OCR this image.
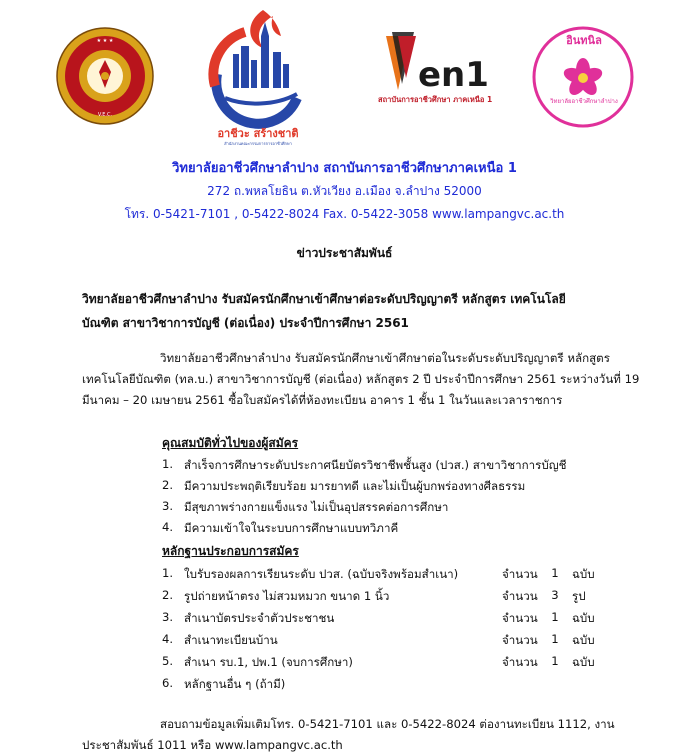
★ ★ ★
V.E.C.
อาชีวะ สร้างชาติ
สำนักงานคณะกรรมการการอาชีวศึกษา
en1
สถาบันการอาชีวศึกษา ภาคเหนือ 1
อินทนิล
วิทยาลัยอาชีวศึกษาลำปาง
วิทยาลัยอาชีวศึกษาลำปาง สถาบันการอาชีวศึกษาภาคเหนือ 1
272 ถ.พหลโยธิน ต.หัวเวียง อ.เมือง จ.ลำปาง 52000
โทร. 0-5421-7101 , 0-5422-8024 Fax. 0-5422-3058 www.lampangvc.ac.th
ข่าวประชาสัมพันธ์
วิทยาลัยอาชีวศึกษาลำปาง รับสมัครนักศึกษาเข้าศึกษาต่อระดับปริญญาตรี หลักสูตร เทคโนโลยี
บัณฑิต สาขาวิชาการบัญชี (ต่อเนื่อง) ประจำปีการศึกษา 2561
วิทยาลัยอาชีวศึกษาลำปาง รับสมัครนักศึกษาเข้าศึกษาต่อในระดับระดับปริญญาตรี หลักสูตร เทคโนโลยีบัณฑิต (ทล.บ.) สาขาวิชาการบัญชี (ต่อเนื่อง) หลักสูตร 2 ปี ประจำปีการศึกษา 2561 ระหว่างวันที่ 19 มีนาคม – 20 เมษายน 2561 ซื้อใบสมัครได้ที่ห้องทะเบียน อาคาร 1 ชั้น 1 ในวันและเวลาราชการ
คุณสมบัติทั่วไปของผู้สมัคร
1. สำเร็จการศึกษาระดับประกาศนียบัตรวิชาชีพชั้นสูง (ปวส.) สาขาวิชาการบัญชี
2. มีความประพฤติเรียบร้อย มารยาทดี และไม่เป็นผู้บกพร่องทางศีลธรรม
3. มีสุขภาพร่างกายแข็งแรง ไม่เป็นอุปสรรคต่อการศึกษา
4. มีความเข้าใจในระบบการศึกษาแบบทวิภาคี
หลักฐานประกอบการสมัคร
1. ใบรับรองผลการเรียนระดับ ปวส. (ฉบับจริงพร้อมสำเนา)	จำนวน 1 ฉบับ
2. รูปถ่ายหน้าตรง ไม่สวมหมวก ขนาด 1 นิ้ว	จำนวน 3 รูป
3. สำเนาบัตรประจำตัวประชาชน	จำนวน 1 ฉบับ
4. สำเนาทะเบียนบ้าน	จำนวน 1 ฉบับ
5. สำเนา รบ.1, ปพ.1 (จบการศึกษา)	จำนวน 1 ฉบับ
6. หลักฐานอื่น ๆ (ถ้ามี)
สอบถามข้อมูลเพิ่มเติมโทร. 0-5421-7101 และ 0-5422-8024 ต่องานทะเบียน 1112, งานประชาสัมพันธ์ 1011 หรือ www.lampangvc.ac.th
